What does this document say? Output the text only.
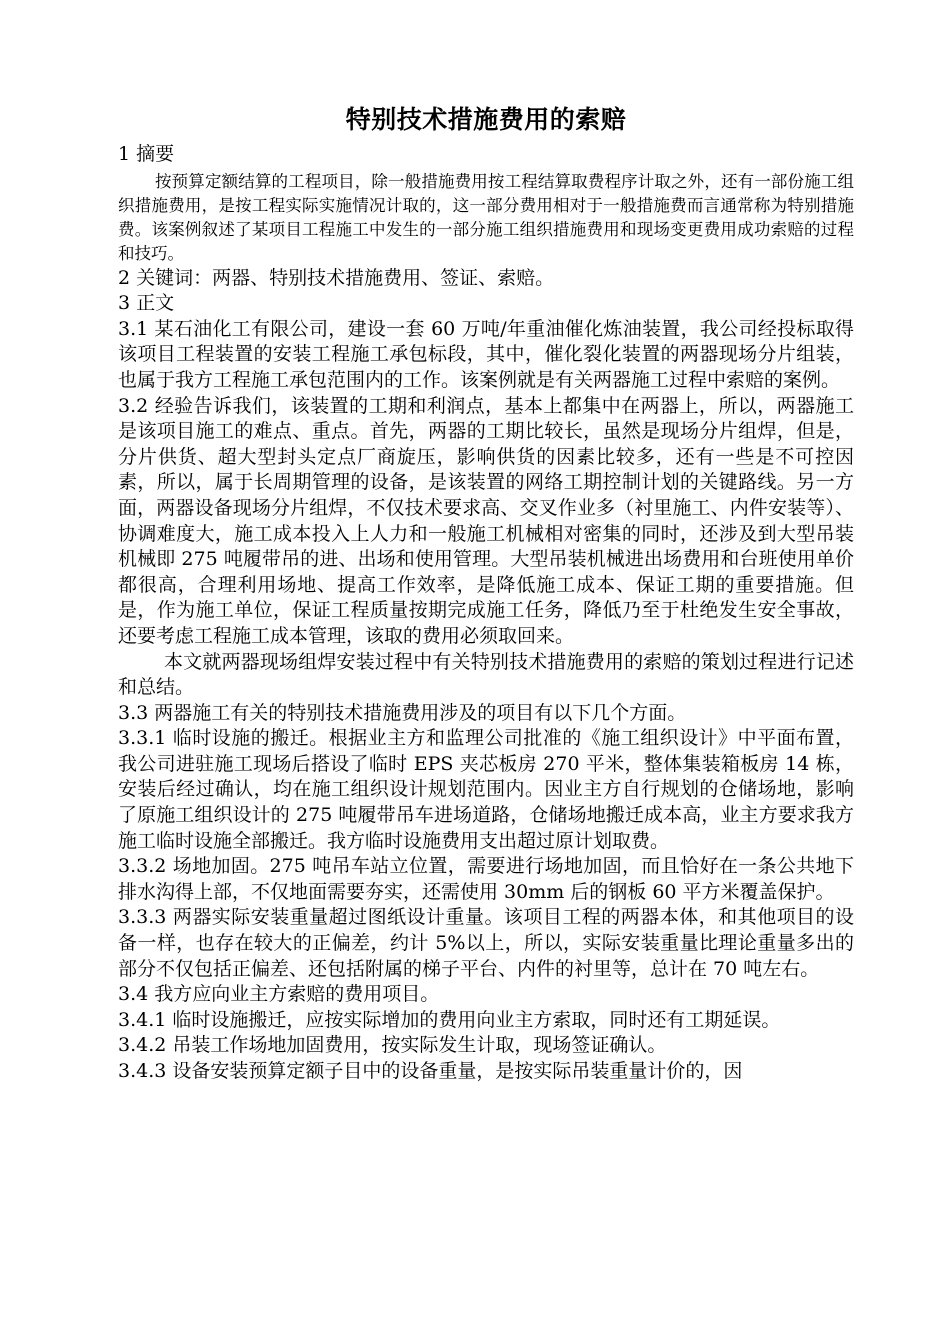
特别技术措施费用的索赔

1 摘要

按预算定额结算的工程项目，除一般措施费用按工程结算取费程序计取之外，还有一部份施工组织措施费用，是按工程实际实施情况计取的，这一部分费用相对于一般措施费而言通常称为特别措施费。该案例叙述了某项目工程施工中发生的一部分施工组织措施费用和现场变更费用成功索赔的过程和技巧。

2 关键词：两器、特别技术措施费用、签证、索赔。

3 正文

3.1 某石油化工有限公司，建设一套 60 万吨/年重油催化炼油装置，我公司经投标取得该项目工程装置的安装工程施工承包标段，其中，催化裂化装置的两器现场分片组装，也属于我方工程施工承包范围内的工作。该案例就是有关两器施工过程中索赔的案例。

3.2 经验告诉我们，该装置的工期和利润点，基本上都集中在两器上，所以，两器施工是该项目施工的难点、重点。首先，两器的工期比较长，虽然是现场分片组焊，但是，分片供货、超大型封头定点厂商旋压，影响供货的因素比较多，还有一些是不可控因素，所以，属于长周期管理的设备，是该装置的网络工期控制计划的关键路线。另一方面，两器设备现场分片组焊，不仅技术要求高、交叉作业多（衬里施工、内件安装等）、协调难度大，施工成本投入上人力和一般施工机械相对密集的同时，还涉及到大型吊装机械即 275 吨履带吊的进、出场和使用管理。大型吊装机械进出场费用和台班使用单价都很高，合理利用场地、提高工作效率，是降低施工成本、保证工期的重要措施。但是，作为施工单位，保证工程质量按期完成施工任务，降低乃至于杜绝发生安全事故，还要考虑工程施工成本管理，该取的费用必须取回来。

本文就两器现场组焊安装过程中有关特别技术措施费用的索赔的策划过程进行记述和总结。

3.3 两器施工有关的特别技术措施费用涉及的项目有以下几个方面。

3.3.1 临时设施的搬迁。根据业主方和监理公司批准的《施工组织设计》中平面布置，我公司进驻施工现场后搭设了临时 EPS 夹芯板房 270 平米，整体集装箱板房 14 栋，安装后经过确认，均在施工组织设计规划范围内。因业主方自行规划的仓储场地，影响了原施工组织设计的 275 吨履带吊车进场道路，仓储场地搬迁成本高，业主方要求我方施工临时设施全部搬迁。我方临时设施费用支出超过原计划取费。

3.3.2 场地加固。275 吨吊车站立位置，需要进行场地加固，而且恰好在一条公共地下排水沟得上部，不仅地面需要夯实，还需使用 30mm 后的钢板 60 平方米覆盖保护。

3.3.3 两器实际安装重量超过图纸设计重量。该项目工程的两器本体，和其他项目的设备一样，也存在较大的正偏差，约计 5%以上，所以，实际安装重量比理论重量多出的部分不仅包括正偏差、还包括附属的梯子平台、内件的衬里等，总计在 70 吨左右。

3.4 我方应向业主方索赔的费用项目。

3.4.1 临时设施搬迁，应按实际增加的费用向业主方索取，同时还有工期延误。

3.4.2 吊装工作场地加固费用，按实际发生计取，现场签证确认。

3.4.3 设备安装预算定额子目中的设备重量，是按实际吊装重量计价的，因
